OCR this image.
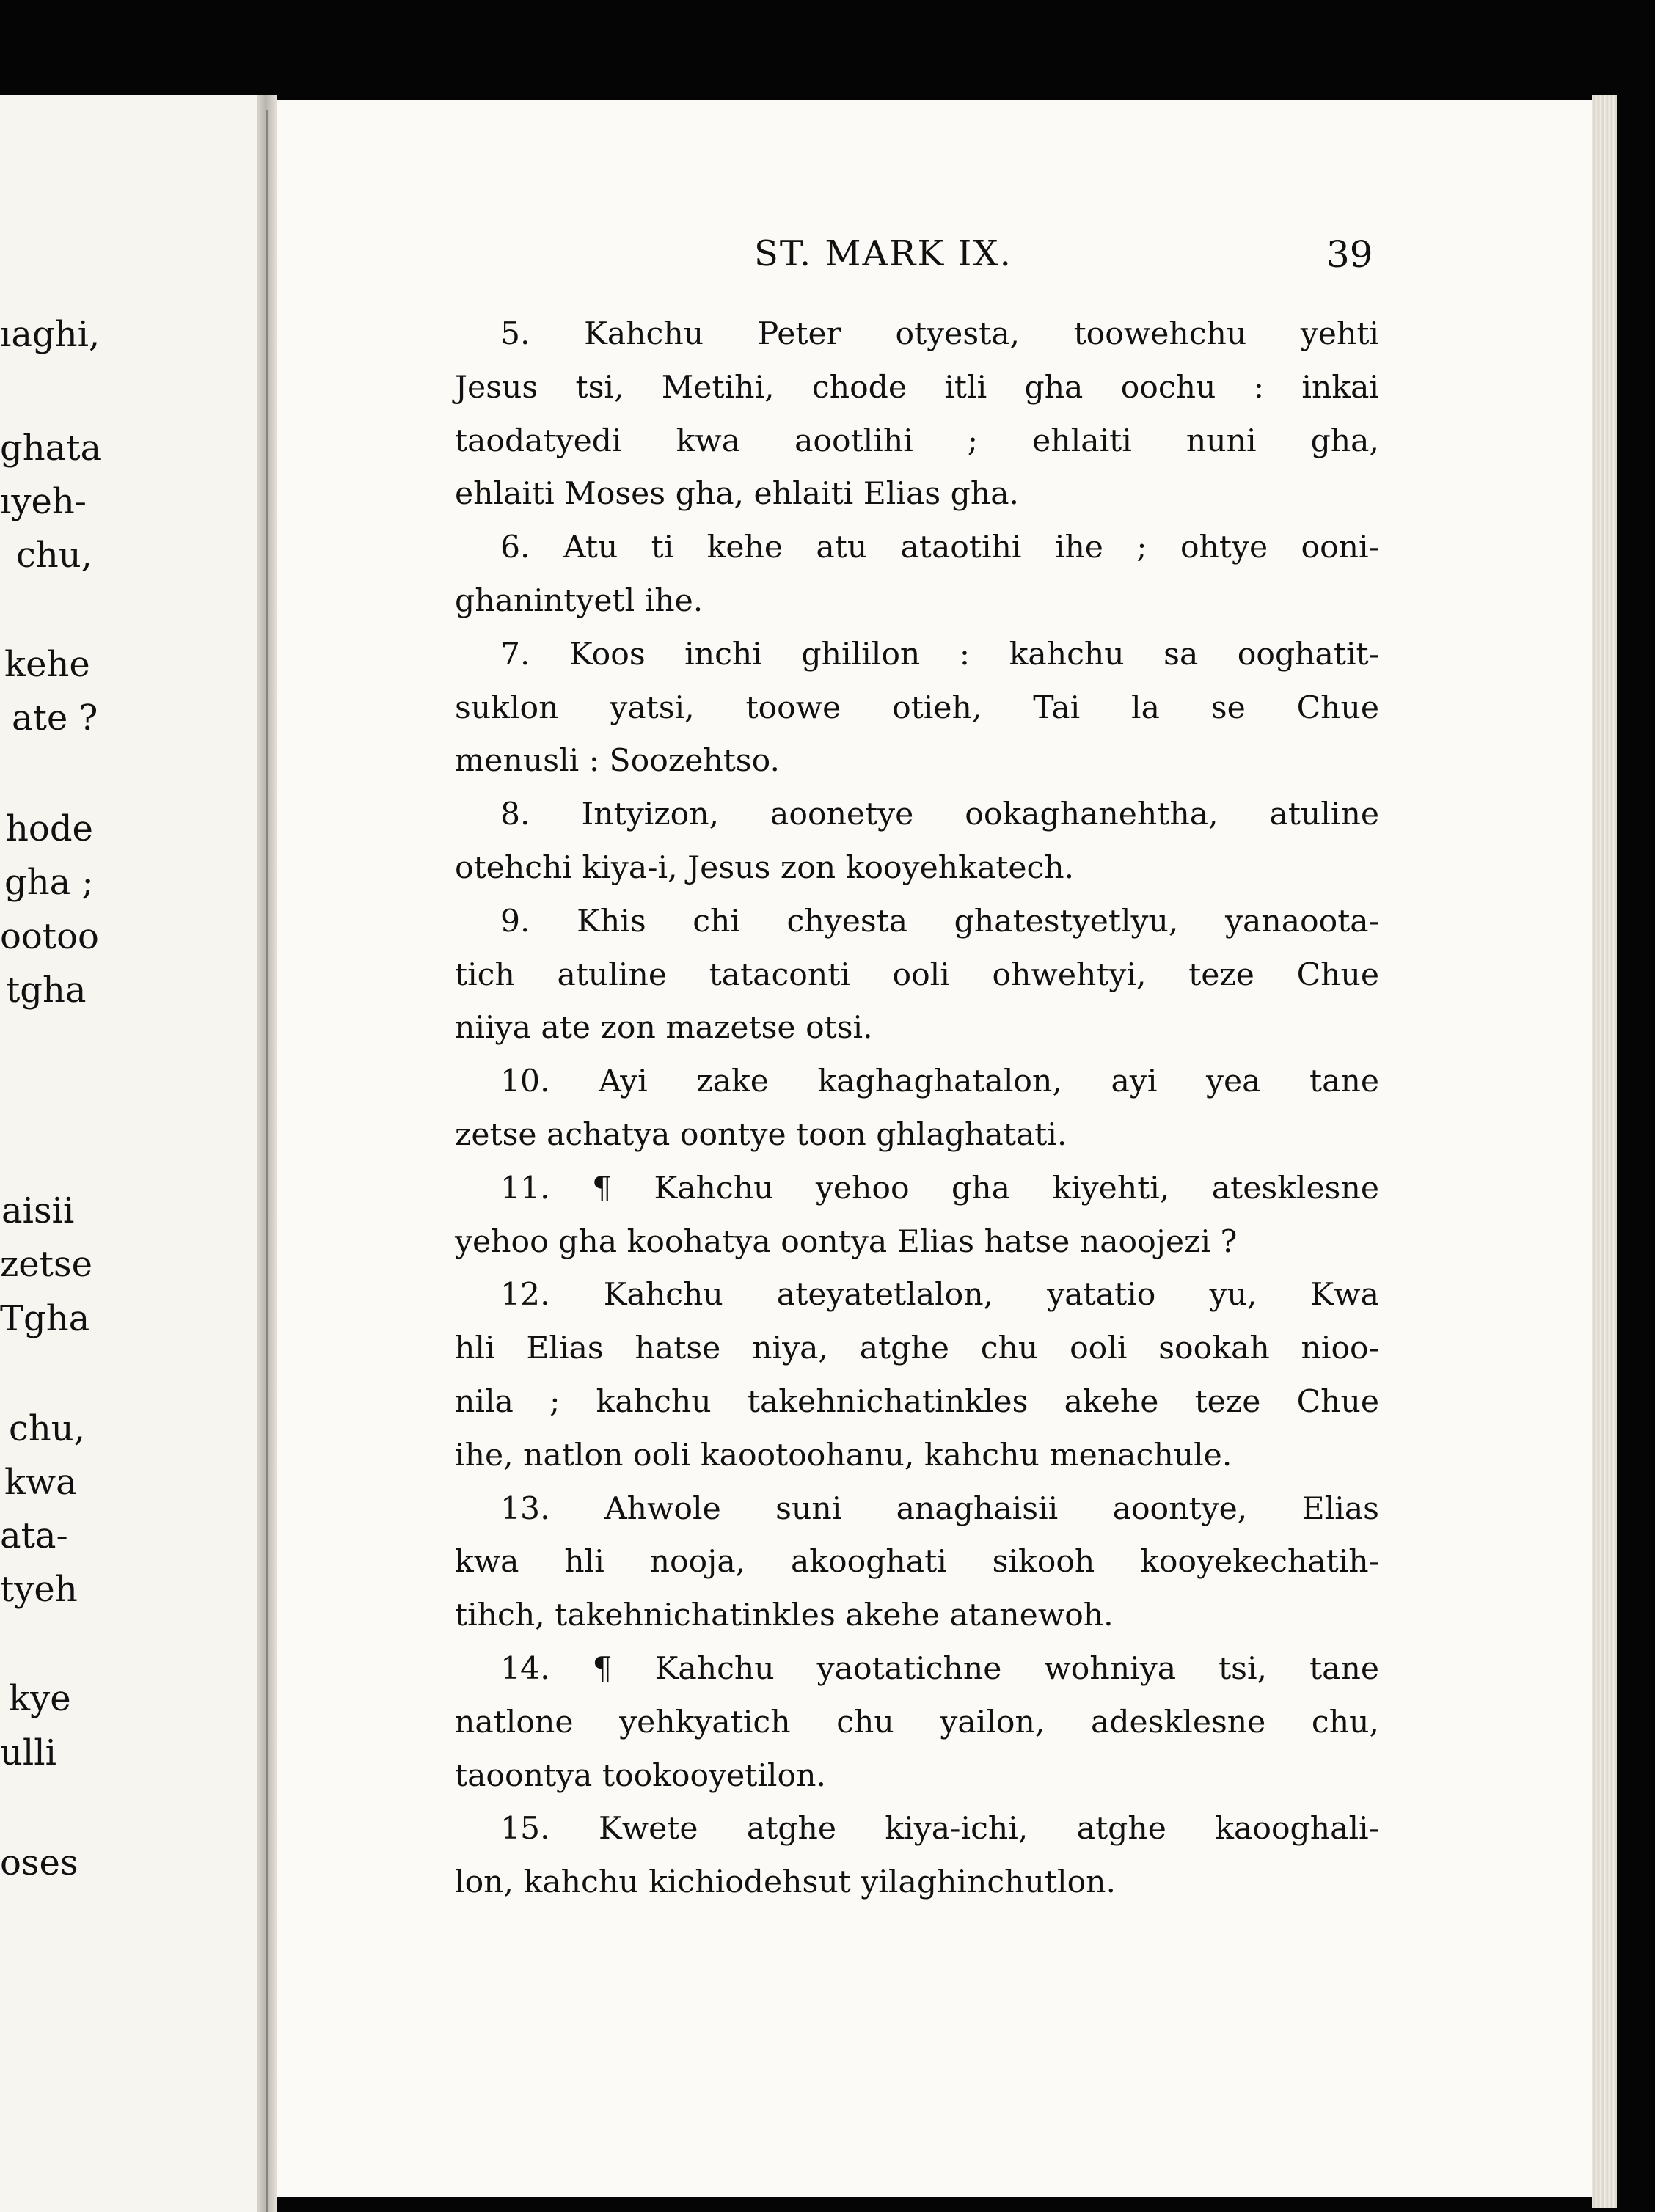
ıaghi,
ghata
ıyeh-
chu,
kehe
ate ?
hode
gha ;
ootoo
tgha
aisii
zetse
Tgha
chu,
kwa
ata-
tyeh
kye
ulli
oses
ST. MARK IX.	39
5. Kahchu Peter otyesta, toowehchu yehti
Jesus tsi, Metihi, chode itli gha oochu : inkai
taodatyedi kwa aootlihi ; ehlaiti nuni gha,
ehlaiti Moses gha, ehlaiti Elias gha.
6. Atu ti kehe atu ataotihi ihe ; ohtye ooni-
ghanintyetl ihe.
7. Koos inchi ghililon : kahchu sa ooghatit-
suklon yatsi, toowe otieh, Tai la se Chue
menusli : Soozehtso.
8. Intyizon, aoonetye ookaghanehtha, atuline
otehchi kiya-i, Jesus zon kooyehkatech.
9. Khis chi chyesta ghatestyetlyu, yanaoota-
tich atuline tataconti ooli ohwehtyi, teze Chue
niiya ate zon mazetse otsi.
10. Ayi zake kaghaghatalon, ayi yea tane
zetse achatya oontye toon ghlaghatati.
11. ¶ Kahchu yehoo gha kiyehti, atesklesne
yehoo gha koohatya oontya Elias hatse naoojezi ?
12. Kahchu ateyatetlalon, yatatio yu, Kwa
hli Elias hatse niya, atghe chu ooli sookah nioo-
nila ; kahchu takehnichatinkles akehe teze Chue
ihe, natlon ooli kaootoohanu, kahchu menachule.
13. Ahwole suni anaghaisii aoontye, Elias
kwa hli nooja, akooghati sikooh kooyekechatih-
tihch, takehnichatinkles akehe atanewoh.
14. ¶ Kahchu yaotatichne wohniya tsi, tane
natlone yehkyatich chu yailon, adesklesne chu,
taoontya tookooyetilon.
15. Kwete atghe kiya-ichi, atghe kaooghali-
lon, kahchu kichiodehsut yilaghinchutlon.
